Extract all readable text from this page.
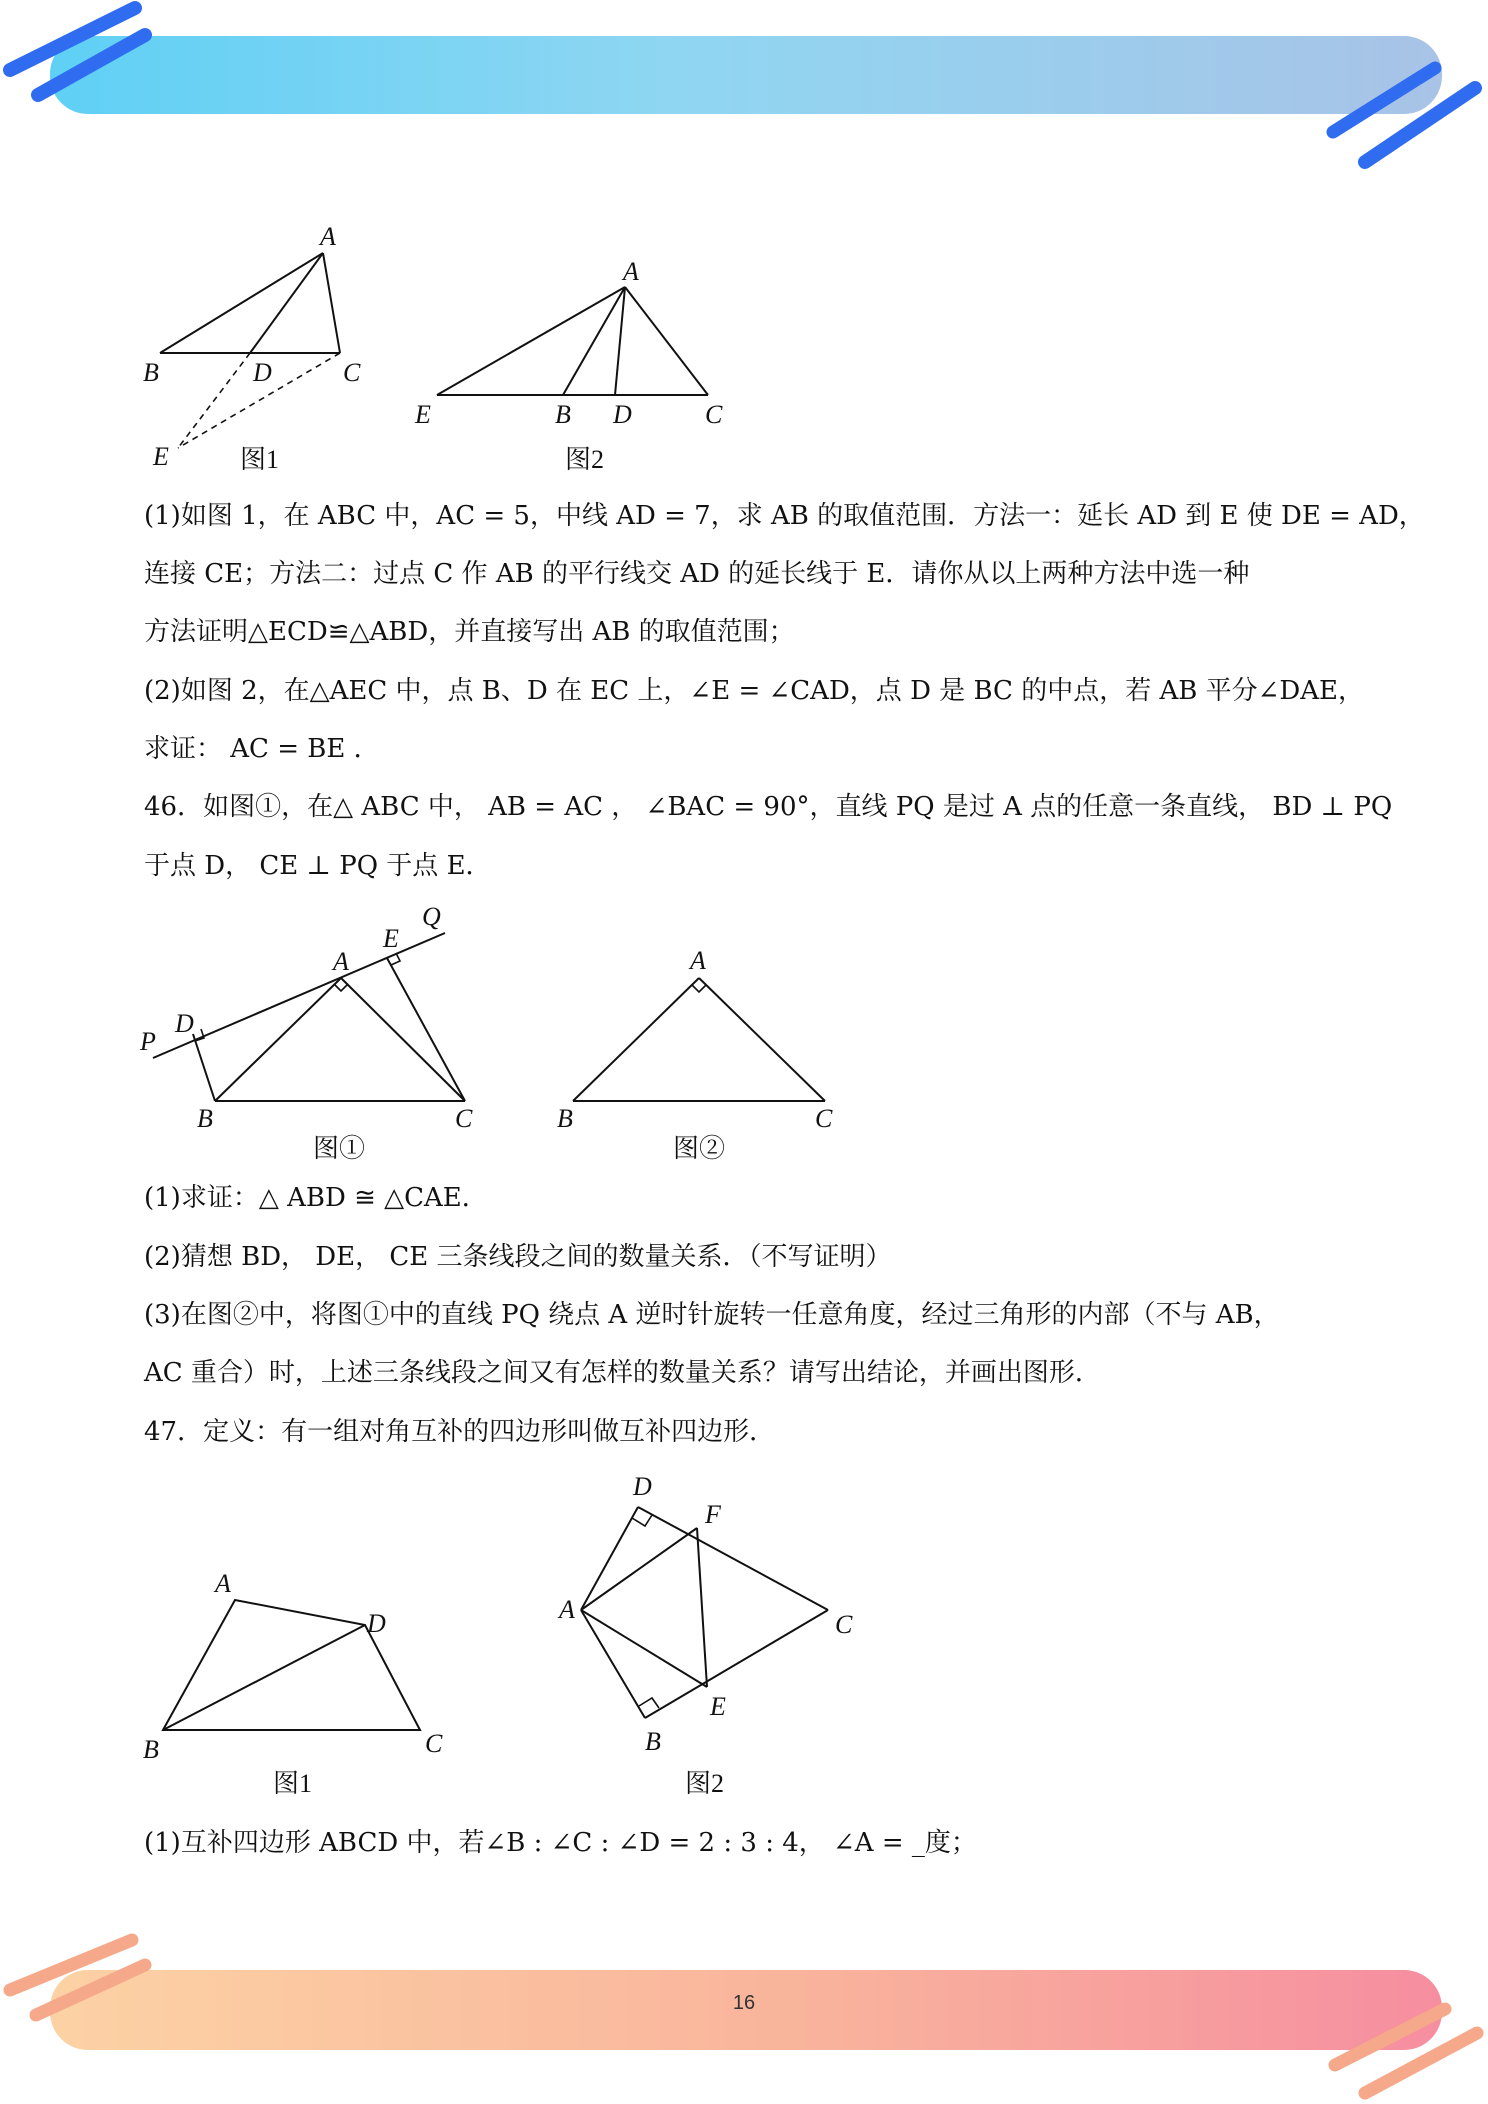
A
B	D	C
E	图1
A
E	B D	C
图2
(1)如图 1，在 ABC 中，AC = 5，中线 AD = 7，求 AB 的取值范围．方法一：延长 AD 到 E 使 DE = AD，
连接 CE；方法二：过点 C 作 AB 的平行线交 AD 的延长线于 E．请你从以上两种方法中选一种
方法证明△ECD≌△ABD，并直接写出 AB 的取值范围；
(2)如图 2，在△AEC 中，点 B、D 在 EC 上，∠E = ∠CAD，点 D 是 BC 的中点，若 AB 平分∠DAE，
求证： AC = BE ．
46．如图①，在△ ABC 中， AB = AC ， ∠BAC = 90°，直线 PQ 是过 A 点的任意一条直线， BD ⊥ PQ
于点 D， CE ⊥ PQ 于点 E．
P
D
A
E
Q
B	C
图①
A
B	C
图②
(1)求证：△ ABD ≅ △CAE．
(2)猜想 BD， DE， CE 三条线段之间的数量关系．（不写证明）
(3)在图②中，将图①中的直线 PQ 绕点 A 逆时针旋转一任意角度，经过三角形的内部（不与 AB，
AC 重合）时，上述三条线段之间又有怎样的数量关系？请写出结论，并画出图形．
47．定义：有一组对角互补的四边形叫做互补四边形．
A
D
B	C
图1
D
F
A
C
E
B
图2
(1)互补四边形 ABCD 中，若∠B : ∠C : ∠D = 2 : 3 : 4， ∠A = _度；
16
